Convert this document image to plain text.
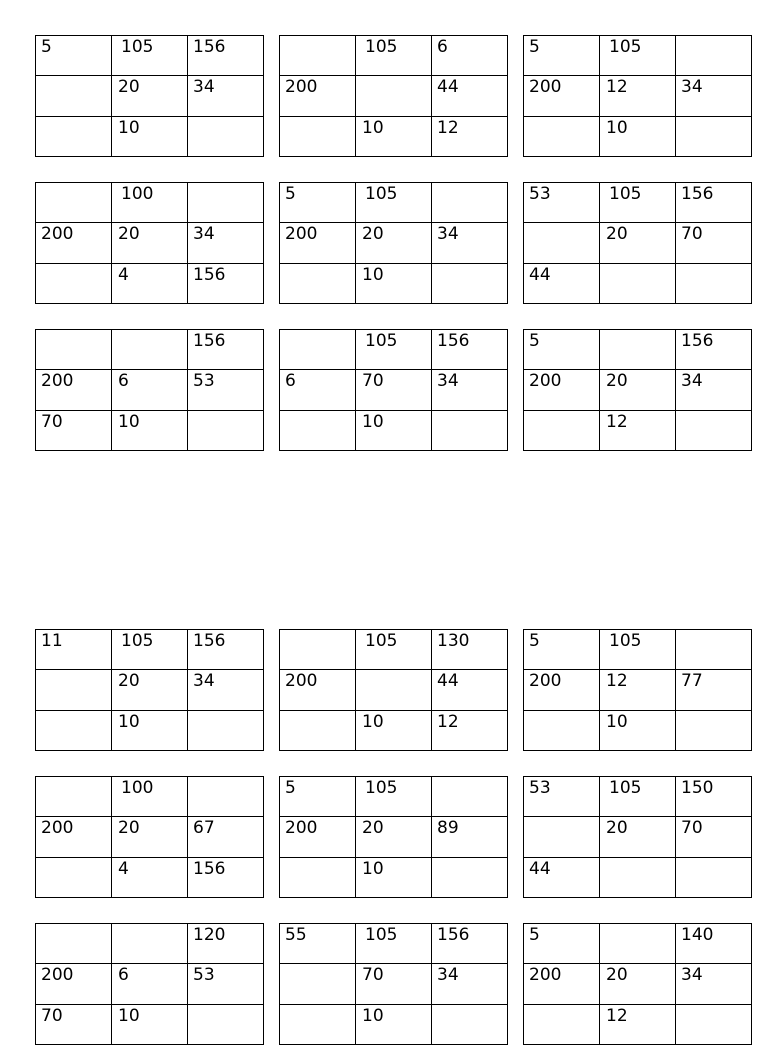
5	105	156
	20	34
	10	
	105	6
200		44
	10	12
5	105	
200	12	34
	10	
	100	
200	20	34
	4	156
5	105	
200	20	34
	10	
53	105	156
	20	70
44		
		156
200	6	53
70	10	
	105	156
6	70	34
	10	
5		156
200	20	34
	12	
11	105	156
	20	34
	10	
	105	130
200		44
	10	12
5	105	
200	12	77
	10	
	100	
200	20	67
	4	156
5	105	
200	20	89
	10	
53	105	150
	20	70
44		
		120
200	6	53
70	10	
55	105	156
	70	34
	10	
5		140
200	20	34
	12	
